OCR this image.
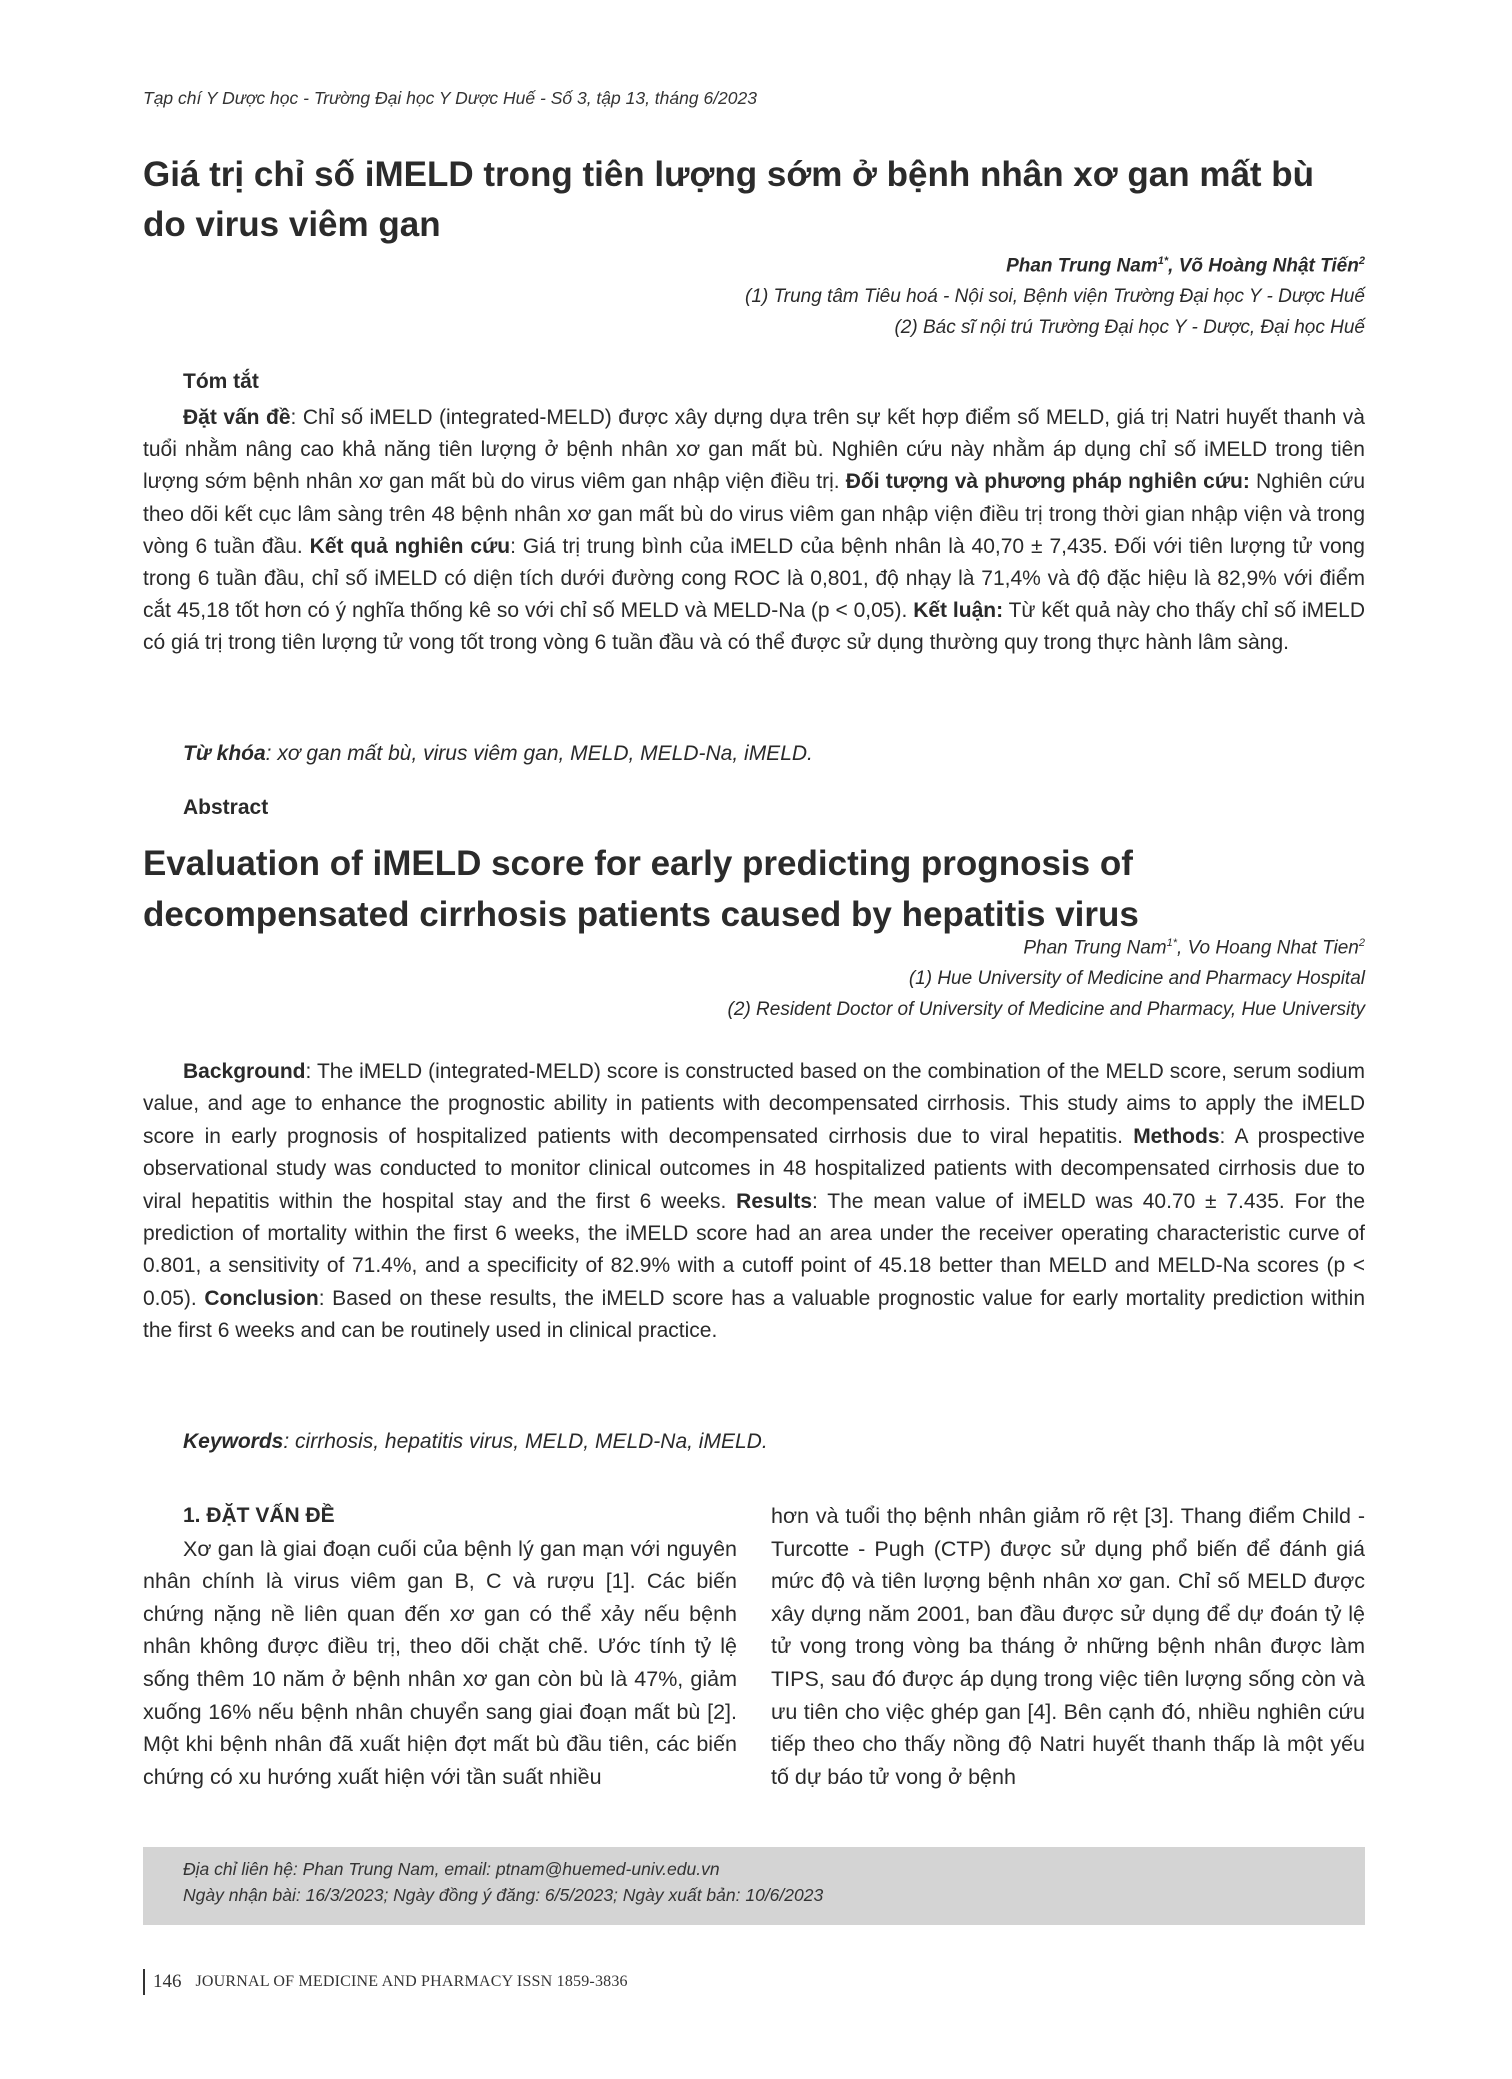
Tạp chí Y Dược học - Trường Đại học Y Dược Huế - Số 3, tập 13, tháng 6/2023
Giá trị chỉ số iMELD trong tiên lượng sớm ở bệnh nhân xơ gan mất bù do virus viêm gan
Phan Trung Nam$^{1*}$, Võ Hoàng Nhật Tiến$^2$
(1) Trung tâm Tiêu hoá - Nội soi, Bệnh viện Trường Đại học Y - Dược Huế
(2) Bác sĩ nội trú Trường Đại học Y - Dược, Đại học Huế
Tóm tắt

Đặt vấn đề: Chỉ số iMELD (integrated-MELD) được xây dựng dựa trên sự kết hợp điểm số MELD, giá trị Natri huyết thanh và tuổi nhằm nâng cao khả năng tiên lượng ở bệnh nhân xơ gan mất bù. Nghiên cứu này nhằm áp dụng chỉ số iMELD trong tiên lượng sớm bệnh nhân xơ gan mất bù do virus viêm gan nhập viện điều trị. Đối tượng và phương pháp nghiên cứu: Nghiên cứu theo dõi kết cục lâm sàng trên 48 bệnh nhân xơ gan mất bù do virus viêm gan nhập viện điều trị trong thời gian nhập viện và trong vòng 6 tuần đầu. Kết quả nghiên cứu: Giá trị trung bình của iMELD của bệnh nhân là 40,70 ± 7,435. Đối với tiên lượng tử vong trong 6 tuần đầu, chỉ số iMELD có diện tích dưới đường cong ROC là 0,801, độ nhạy là 71,4% và độ đặc hiệu là 82,9% với điểm cắt 45,18 tốt hơn có ý nghĩa thống kê so với chỉ số MELD và MELD-Na (p < 0,05). Kết luận: Từ kết quả này cho thấy chỉ số iMELD có giá trị trong tiên lượng tử vong tốt trong vòng 6 tuần đầu và có thể được sử dụng thường quy trong thực hành lâm sàng.

Từ khóa: xơ gan mất bù, virus viêm gan, MELD, MELD-Na, iMELD.

Abstract
Evaluation of iMELD score for early predicting prognosis of decompensated cirrhosis patients caused by hepatitis virus
Phan Trung Nam$^{1*}$, Vo Hoang Nhat Tien$^2$
(1) Hue University of Medicine and Pharmacy Hospital
(2) Resident Doctor of University of Medicine and Pharmacy, Hue University

Background: The iMELD (integrated-MELD) score is constructed based on the combination of the MELD score, serum sodium value, and age to enhance the prognostic ability in patients with decompensated cirrhosis. This study aims to apply the iMELD score in early prognosis of hospitalized patients with decompensated cirrhosis due to viral hepatitis. Methods: A prospective observational study was conducted to monitor clinical outcomes in 48 hospitalized patients with decompensated cirrhosis due to viral hepatitis within the hospital stay and the first 6 weeks. Results: The mean value of iMELD was 40.70 ± 7.435. For the prediction of mortality within the first 6 weeks, the iMELD score had an area under the receiver operating characteristic curve of 0.801, a sensitivity of 71.4%, and a specificity of 82.9% with a cutoff point of 45.18 better than MELD and MELD-Na scores (p < 0.05). Conclusion: Based on these results, the iMELD score has a valuable prognostic value for early mortality prediction within the first 6 weeks and can be routinely used in clinical practice.

Keywords: cirrhosis, hepatitis virus, MELD, MELD-Na, iMELD.

1. ĐẶT VẤN ĐỀ

Xơ gan là giai đoạn cuối của bệnh lý gan mạn với nguyên nhân chính là virus viêm gan B, C và rượu [1]. Các biến chứng nặng nề liên quan đến xơ gan có thể xảy nếu bệnh nhân không được điều trị, theo dõi chặt chẽ. Ước tính tỷ lệ sống thêm 10 năm ở bệnh nhân xơ gan còn bù là 47%, giảm xuống 16% nếu bệnh nhân chuyển sang giai đoạn mất bù [2]. Một khi bệnh nhân đã xuất hiện đợt mất bù đầu tiên, các biến chứng có xu hướng xuất hiện với tần suất nhiều

hơn và tuổi thọ bệnh nhân giảm rõ rệt [3]. Thang điểm Child - Turcotte - Pugh (CTP) được sử dụng phổ biến để đánh giá mức độ và tiên lượng bệnh nhân xơ gan. Chỉ số MELD được xây dựng năm 2001, ban đầu được sử dụng để dự đoán tỷ lệ tử vong trong vòng ba tháng ở những bệnh nhân được làm TIPS, sau đó được áp dụng trong việc tiên lượng sống còn và ưu tiên cho việc ghép gan [4]. Bên cạnh đó, nhiều nghiên cứu tiếp theo cho thấy nồng độ Natri huyết thanh thấp là một yếu tố dự báo tử vong ở bệnh

Địa chỉ liên hệ: Phan Trung Nam, email: ptnam@huemed-univ.edu.vn
Ngày nhận bài: 16/3/2023; Ngày đồng ý đăng: 6/5/2023; Ngày xuất bản: 10/6/2023
146 JOURNAL OF MEDICINE AND PHARMACY ISSN 1859-3836
